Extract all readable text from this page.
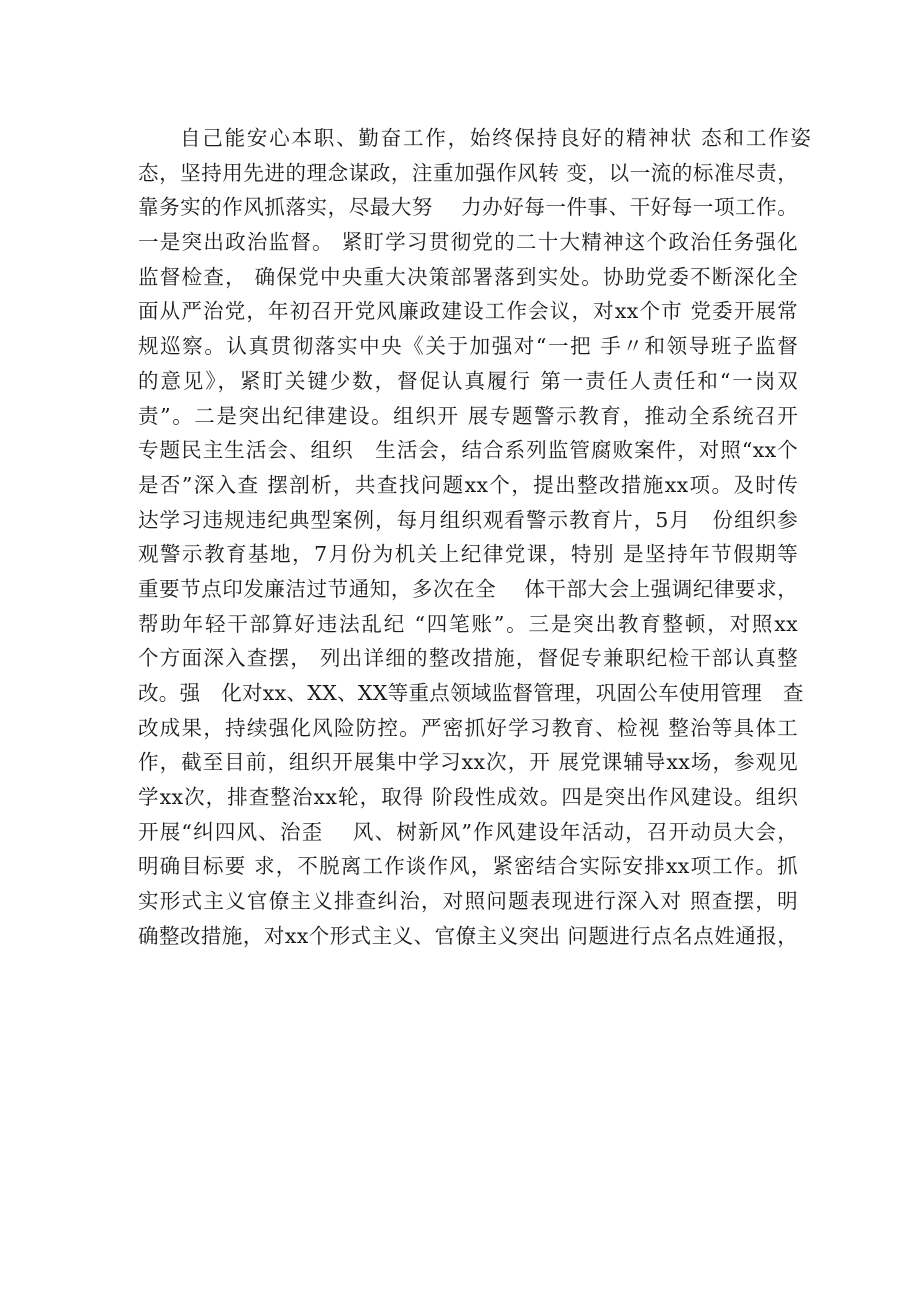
自己能安心本职、勤奋工作，始终保持良好的精神状 态和工作姿
态，坚持用先进的理念谋政，注重加强作风转 变，以一流的标准尽责，
靠务实的作风抓落实，尽最大努　 力办好每一件事、干好每一项工作。
一是突出政治监督。 紧盯学习贯彻党的二十大精神这个政治任务强化
监督检查， 确保党中央重大决策部署落到实处。协助党委不断深化全
面从严治党，年初召开党风廉政建设工作会议，对xx个市 党委开展常
规巡察。认真贯彻落实中央《关于加强对“一把 手〃和领导班子监督
的意见》，紧盯关键少数，督促认真履行 第一责任人责任和“一岗双
责”。二是突出纪律建设。组织开 展专题警示教育，推动全系统召开
专题民主生活会、组织　生活会，结合系列监管腐败案件，对照“xx个
是否”深入查 摆剖析，共查找问题xx个，提出整改措施xx项。及时传
达学习违规违纪典型案例，每月组织观看警示教育片，5月　份组织参
观警示教育基地，7月份为机关上纪律党课，特别 是坚持年节假期等
重要节点印发廉洁过节通知，多次在全　 体干部大会上强调纪律要求，
帮助年轻干部算好违法乱纪 “四笔账”。三是突出教育整顿，对照xx
个方面深入查摆， 列出详细的整改措施，督促专兼职纪检干部认真整
改。强　化对xx、XX、XX等重点领域监督管理，巩固公车使用管理　查
改成果，持续强化风险防控。严密抓好学习教育、检视 整治等具体工
作，截至目前，组织开展集中学习xx次，开 展党课辅导xx场，参观见
学xx次，排查整治xx轮，取得 阶段性成效。四是突出作风建设。组织
开展“纠四风、治歪　 风、树新风”作风建设年活动，召开动员大会，
明确目标要 求，不脱离工作谈作风，紧密结合实际安排xx项工作。抓
实形式主义官僚主义排查纠治，对照问题表现进行深入对 照查摆，明
确整改措施，对xx个形式主义、官僚主义突出 问题进行点名点姓通报，
